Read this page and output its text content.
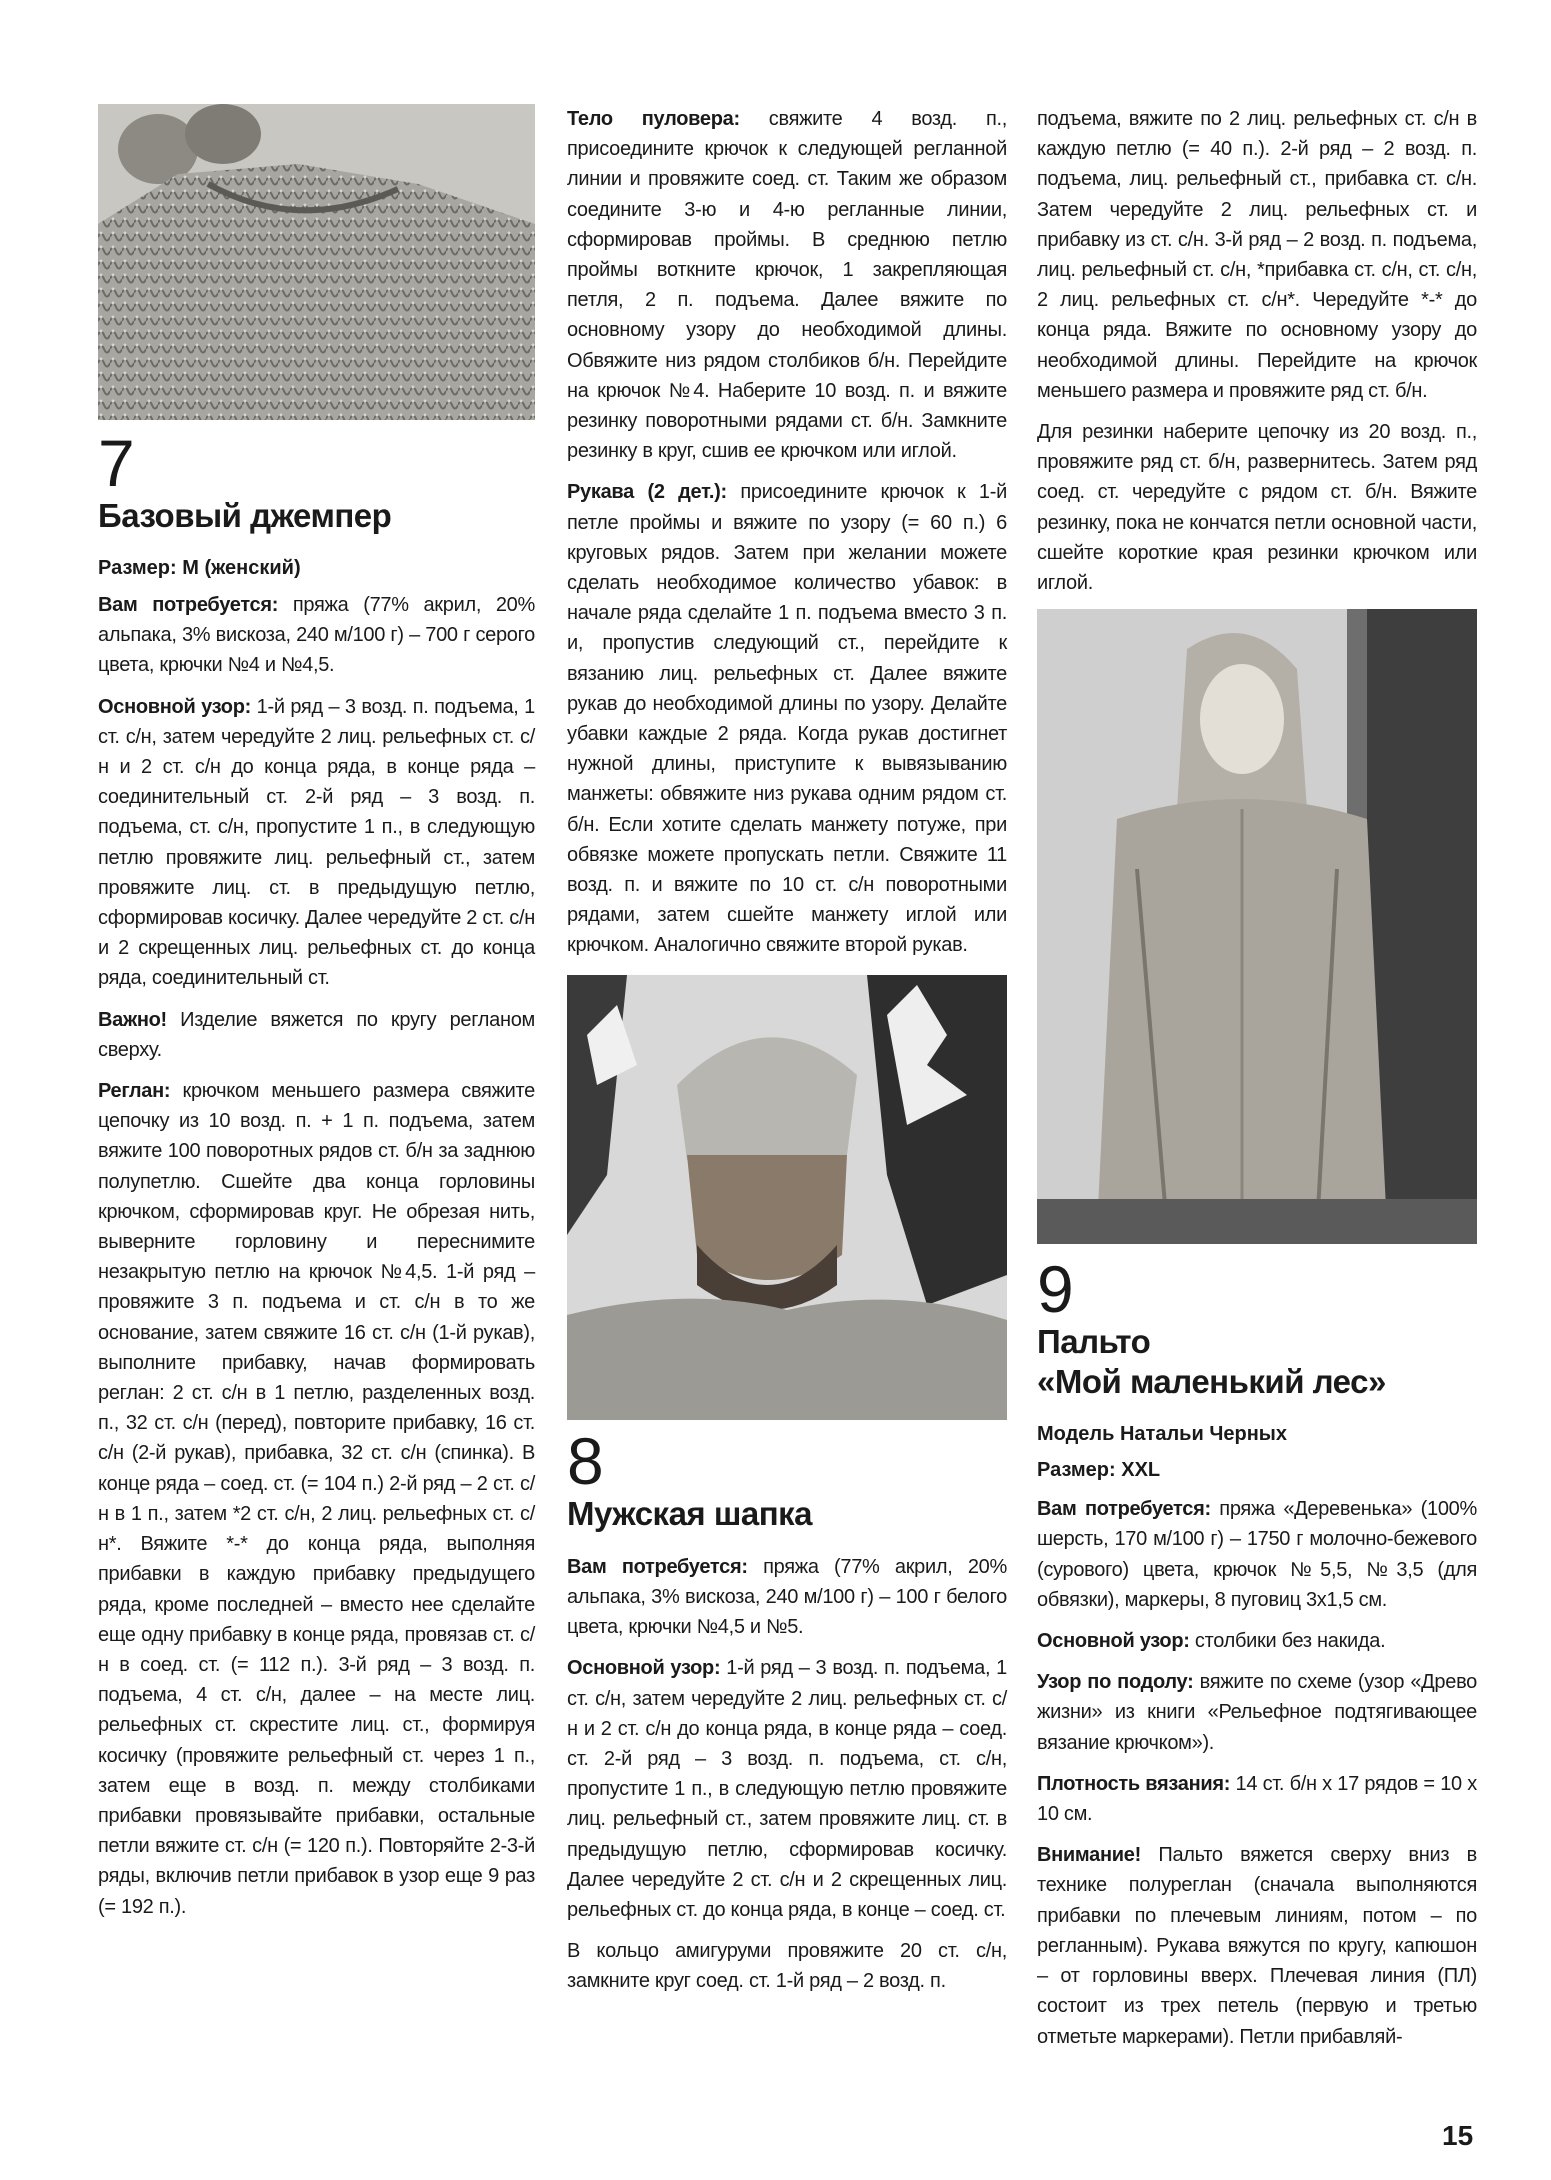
7
Базовый джемпер
Размер: М (женский)

Вам потребуется: пряжа (77% акрил, 20% альпака, 3% вискоза, 240 м/100 г) – 700 г серого цвета, крючки №4 и №4,5.

Основной узор: 1-й ряд – 3 возд. п. подъема, 1 ст. с/н, затем чередуйте 2 лиц. рельефных ст. с/н и 2 ст. с/н до конца ряда, в конце ряда – соединительный ст. 2-й ряд – 3 возд. п. подъема, ст. с/н, пропустите 1 п., в следующую петлю провяжите лиц. рельефный ст., затем провяжите лиц. ст. в предыдущую петлю, сформировав косичку. Далее чередуйте 2 ст. с/н и 2 скрещенных лиц. рельефных ст. до конца ряда, соединительный ст.

Важно! Изделие вяжется по кругу регланом сверху.

Реглан: крючком меньшего размера свяжите цепочку из 10 возд. п. + 1 п. подъема, затем вяжите 100 поворотных рядов ст. б/н за заднюю полупетлю. Сшейте два конца горловины крючком, сформировав круг. Не обрезая нить, выверните горловину и переснимите незакрытую петлю на крючок №4,5. 1-й ряд – провяжите 3 п. подъема и ст. с/н в то же основание, затем свяжите 16 ст. с/н (1-й рукав), выполните прибавку, начав формировать реглан: 2 ст. с/н в 1 петлю, разделенных возд. п., 32 ст. с/н (перед), повторите прибавку, 16 ст. с/н (2-й рукав), прибавка, 32 ст. с/н (спинка). В конце ряда – соед. ст. (= 104 п.) 2-й ряд – 2 ст. с/н в 1 п., затем *2 ст. с/н, 2 лиц. рельефных ст. с/н*. Вяжите *-* до конца ряда, выполняя прибавки в каждую прибавку предыдущего ряда, кроме последней – вместо нее сделайте еще одну прибавку в конце ряда, провязав ст. с/н в соед. ст. (= 112 п.). 3-й ряд – 3 возд. п. подъема, 4 ст. с/н, далее – на месте лиц. рельефных ст. скрестите лиц. ст., формируя косичку (провяжите рельефный ст. через 1 п., затем еще в возд. п. между столбиками прибавки провязывайте прибавки, остальные петли вяжите ст. с/н (= 120 п.). Повторяйте 2-3-й ряды, включив петли прибавок в узор еще 9 раз (= 192 п.).

Тело пуловера: свяжите 4 возд. п., присоедините крючок к следующей регланной линии и провяжите соед. ст. Таким же образом соедините 3-ю и 4-ю регланные линии, сформировав проймы. В среднюю петлю проймы воткните крючок, 1 закрепляющая петля, 2 п. подъема. Далее вяжите по основному узору до необходимой длины. Обвяжите низ рядом столбиков б/н. Перейдите на крючок №4. Наберите 10 возд. п. и вяжите резинку поворотными рядами ст. б/н. Замкните резинку в круг, сшив ее крючком или иглой.

Рукава (2 дет.): присоедините крючок к 1-й петле проймы и вяжите по узору (= 60 п.) 6 круговых рядов. Затем при желании можете сделать необходимое количество убавок: в начале ряда сделайте 1 п. подъема вместо 3 п. и, пропустив следующий ст., перейдите к вязанию лиц. рельефных ст. Далее вяжите рукав до необходимой длины по узору. Делайте убавки каждые 2 ряда. Когда рукав достигнет нужной длины, приступите к вывязыванию манжеты: обвяжите низ рукава одним рядом ст. б/н. Если хотите сделать манжету потуже, при обвязке можете пропускать петли. Свяжите 11 возд. п. и вяжите по 10 ст. с/н поворотными рядами, затем сшейте манжету иглой или крючком. Аналогично свяжите второй рукав.

8
Мужская шапка

Вам потребуется: пряжа (77% акрил, 20% альпака, 3% вискоза, 240 м/100 г) – 100 г белого цвета, крючки №4,5 и №5.

Основной узор: 1-й ряд – 3 возд. п. подъема, 1 ст. с/н, затем чередуйте 2 лиц. рельефных ст. с/н и 2 ст. с/н до конца ряда, в конце ряда – соед. ст. 2-й ряд – 3 возд. п. подъема, ст. с/н, пропустите 1 п., в следующую петлю провяжите лиц. рельефный ст., затем провяжите лиц. ст. в предыдущую петлю, сформировав косичку. Далее чередуйте 2 ст. с/н и 2 скрещенных лиц. рельефных ст. до конца ряда, в конце – соед. ст.

В кольцо амигуруми провяжите 20 ст. с/н, замкните круг соед. ст. 1-й ряд – 2 возд. п.

подъема, вяжите по 2 лиц. рельефных ст. с/н в каждую петлю (= 40 п.). 2-й ряд – 2 возд. п. подъема, лиц. рельефный ст., прибавка ст. с/н. Затем чередуйте 2 лиц. рельефных ст. и прибавку из ст. с/н. 3-й ряд – 2 возд. п. подъема, лиц. рельефный ст. с/н, *прибавка ст. с/н, ст. с/н, 2 лиц. рельефных ст. с/н*. Чередуйте *-* до конца ряда. Вяжите по основному узору до необходимой длины. Перейдите на крючок меньшего размера и провяжите ряд ст. б/н.

Для резинки наберите цепочку из 20 возд. п., провяжите ряд ст. б/н, развернитесь. Затем ряд соед. ст. чередуйте с рядом ст. б/н. Вяжите резинку, пока не кончатся петли основной части, сшейте короткие края резинки крючком или иглой.

9
Пальто
«Мой маленький лес»
Модель Натальи Черных
Размер: XXL

Вам потребуется: пряжа «Деревенька» (100% шерсть, 170 м/100 г) – 1750 г молочно-бежевого (сурового) цвета, крючок №5,5, №3,5 (для обвязки), маркеры, 8 пуговиц 3х1,5 см.

Основной узор: столбики без накида.

Узор по подолу: вяжите по схеме (узор «Древо жизни» из книги «Рельефное подтягивающее вязание крючком»).

Плотность вязания: 14 ст. б/н х 17 рядов = 10 х 10 см.

Внимание! Пальто вяжется сверху вниз в технике полуреглан (сначала выполняются прибавки по плечевым линиям, потом – по регланным). Рукава вяжутся по кругу, капюшон – от горловины вверх. Плечевая линия (ПЛ) состоит из трех петель (первую и третью отметьте маркерами). Петли прибавляй-

15
